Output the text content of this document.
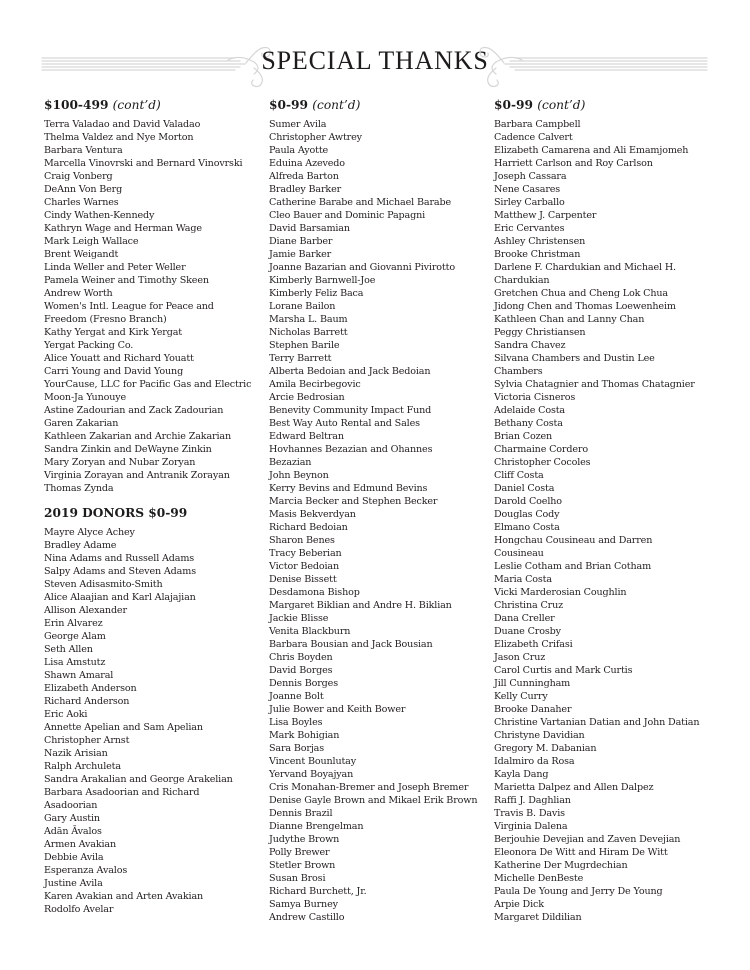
SPECIAL THANKS
$100-499 (cont’d)
Terra Valadao and David Valadao
Thelma Valdez and Nye Morton
Barbara Ventura
Marcella Vinovrski and Bernard Vinovrski
Craig Vonberg
DeAnn Von Berg
Charles Warnes
Cindy Wathen-Kennedy
Kathryn Wage and Herman Wage
Mark Leigh Wallace
Brent Weigandt
Linda Weller and Peter Weller
Pamela Weiner and Timothy Skeen
Andrew Worth
Women's Intl. League for Peace and
Freedom (Fresno Branch)
Kathy Yergat and Kirk Yergat
Yergat Packing Co.
Alice Youatt and Richard Youatt
Carri Young and David Young
YourCause, LLC for Pacific Gas and Electric
Moon-Ja Yunouye
Astine Zadourian and Zack Zadourian
Garen Zakarian
Kathleen Zakarian and Archie Zakarian
Sandra Zinkin and DeWayne Zinkin
Mary Zoryan and Nubar Zoryan
Virginia Zorayan and Antranik Zorayan
Thomas Zynda
2019 DONORS $0-99
Mayre Alyce Achey
Bradley Adame
Nina Adams and Russell Adams
Salpy Adams and Steven Adams
Steven Adisasmito-Smith
Alice Alaajian and Karl Alajajian
Allison Alexander
Erin Alvarez
George Alam
Seth Allen
Lisa Amstutz
Shawn Amaral
Elizabeth Anderson
Richard Anderson
Eric Aoki
Annette Apelian and Sam Apelian
Christopher Arnst
Nazik Arisian
Ralph Archuleta
Sandra Arakalian and George Arakelian
Barbara Asadoorian and Richard
Asadoorian
Gary Austin
Adān Āvalos
Armen Avakian
Debbie Avila
Esperanza Avalos
Justine Avila
Karen Avakian and Arten Avakian
Rodolfo Avelar
$0-99 (cont’d)
Sumer Avila
Christopher Awtrey
Paula Ayotte
Eduina Azevedo
Alfreda Barton
Bradley Barker
Catherine Barabe and Michael Barabe
Cleo Bauer and Dominic Papagni
David Barsamian
Diane Barber
Jamie Barker
Joanne Bazarian and Giovanni Pivirotto
Kimberly Barnwell-Joe
Kimberly Feliz Baca
Lorane Bailon
Marsha L. Baum
Nicholas Barrett
Stephen Barile
Terry Barrett
Alberta Bedoian and Jack Bedoian
Amila Becirbegovic
Arcie Bedrosian
Benevity Community Impact Fund
Best Way Auto Rental and Sales
Edward Beltran
Hovhannes Bezazian and Ohannes
Bezazian
John Beynon
Kerry Bevins and Edmund Bevins
Marcia Becker and Stephen Becker
Masis Bekverdyan
Richard Bedoian
Sharon Benes
Tracy Beberian
Victor Bedoian
Denise Bissett
Desdamona Bishop
Margaret Biklian and Andre H. Biklian
Jackie Blisse
Venita Blackburn
Barbara Bousian and Jack Bousian
Chris Boyden
David Borges
Dennis Borges
Joanne Bolt
Julie Bower and Keith Bower
Lisa Boyles
Mark Bohigian
Sara Borjas
Vincent Bounlutay
Yervand Boyajyan
Cris Monahan-Bremer and Joseph Bremer
Denise Gayle Brown and Mikael Erik Brown
Dennis Brazil
Dianne Brengelman
Judythe Brown
Polly Brewer
Stetler Brown
Susan Brosi
Richard Burchett, Jr.
Samya Burney
Andrew Castillo
$0-99 (cont’d)
Barbara Campbell
Cadence Calvert
Elizabeth Camarena and Ali Emamjomeh
Harriett Carlson and Roy Carlson
Joseph Cassara
Nene Casares
Sirley Carballo
Matthew J. Carpenter
Eric Cervantes
Ashley Christensen
Brooke Christman
Darlene F. Chardukian and Michael H.
Chardukian
Gretchen Chua and Cheng Lok Chua
Jidong Chen and Thomas Loewenheim
Kathleen Chan and Lanny Chan
Peggy Christiansen
Sandra Chavez
Silvana Chambers and Dustin Lee
Chambers
Sylvia Chatagnier and Thomas Chatagnier
Victoria Cisneros
Adelaide Costa
Bethany Costa
Brian Cozen
Charmaine Cordero
Christopher Cocoles
Cliff Costa
Daniel Costa
Darold Coelho
Douglas Cody
Elmano Costa
Hongchau Cousineau and Darren
Cousineau
Leslie Cotham and Brian Cotham
Maria Costa
Vicki Marderosian Coughlin
Christina Cruz
Dana Creller
Duane Crosby
Elizabeth Crifasi
Jason Cruz
Carol Curtis and Mark Curtis
Jill Cunningham
Kelly Curry
Brooke Danaher
Christine Vartanian Datian and John Datian
Christyne Davidian
Gregory M. Dabanian
Idalmiro da Rosa
Kayla Dang
Marietta Dalpez and Allen Dalpez
Raffi J. Daghlian
Travis B. Davis
Virginia Dalena
Berjouhie Devejian and Zaven Devejian
Eleonora De Witt and Hiram De Witt
Katherine Der Mugrdechian
Michelle DenBeste
Paula De Young and Jerry De Young
Arpie Dick
Margaret Dildilian
